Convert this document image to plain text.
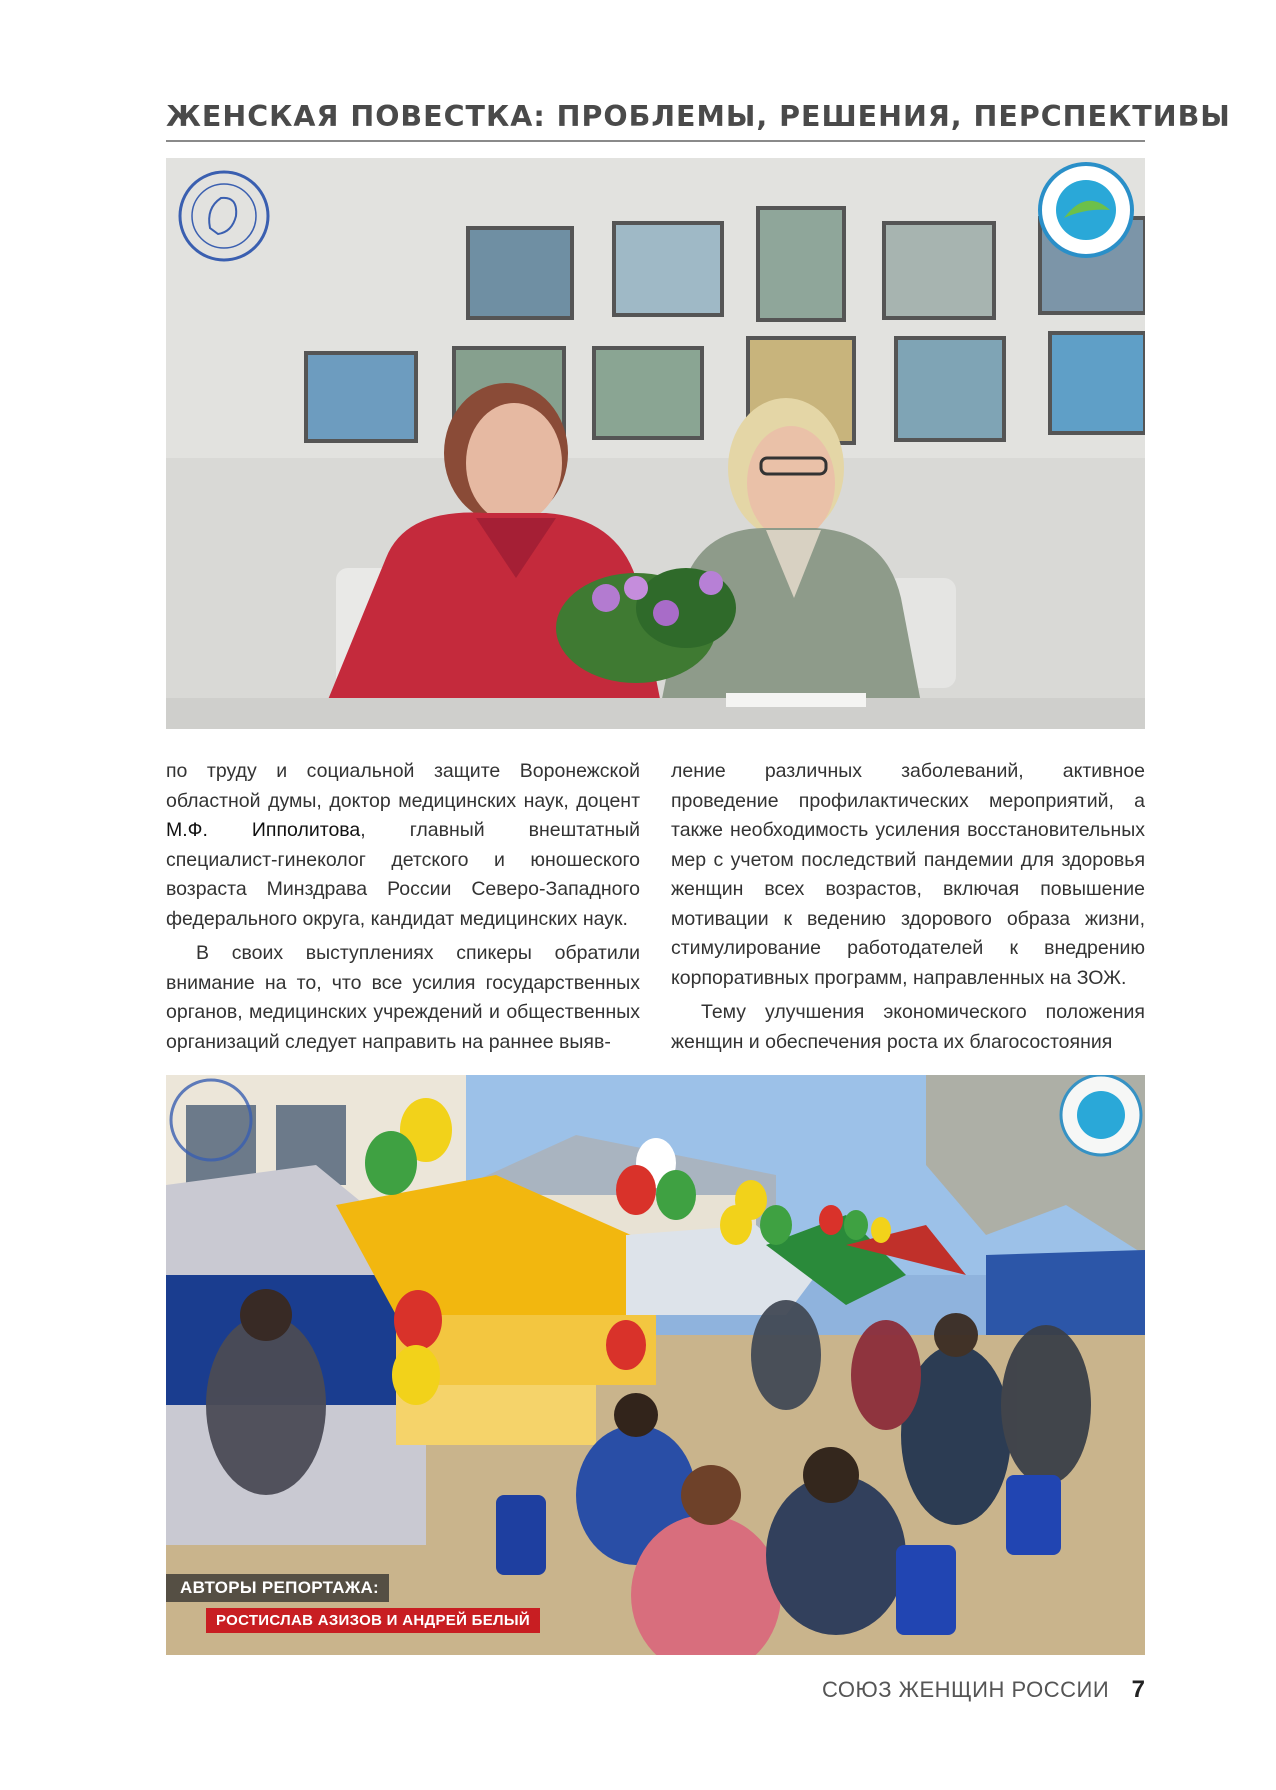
ЖЕНСКАЯ ПОВЕСТКА: ПРОБЛЕМЫ, РЕШЕНИЯ, ПЕРСПЕКТИВЫ

по труду и социальной защите Воронежской областной думы, доктор медицинских наук, доцент М.Ф. Ипполитова, главный внештатный специалист-гинеколог детского и юношеского возраста Минздрава России Северо-Западного федерального округа, кандидат медицинских наук.

В своих выступлениях спикеры обратили внимание на то, что все усилия государственных органов, медицинских учреждений и общественных организаций следует направить на раннее выяв-

ление различных заболеваний, активное проведение профилактических мероприятий, а также необходимость усиления восстановительных мер с учетом последствий пандемии для здоровья женщин всех возрастов, включая повышение мотивации к ведению здорового образа жизни, стимулирование работодателей к внедрению корпоративных программ, направленных на ЗОЖ.

Тему улучшения экономического положения женщин и обеспечения роста их благосостояния

АВТОРЫ РЕПОРТАЖА:
РОСТИСЛАВ АЗИЗОВ И АНДРЕЙ БЕЛЫЙ
СОЮЗ ЖЕНЩИН РОССИИ 7
